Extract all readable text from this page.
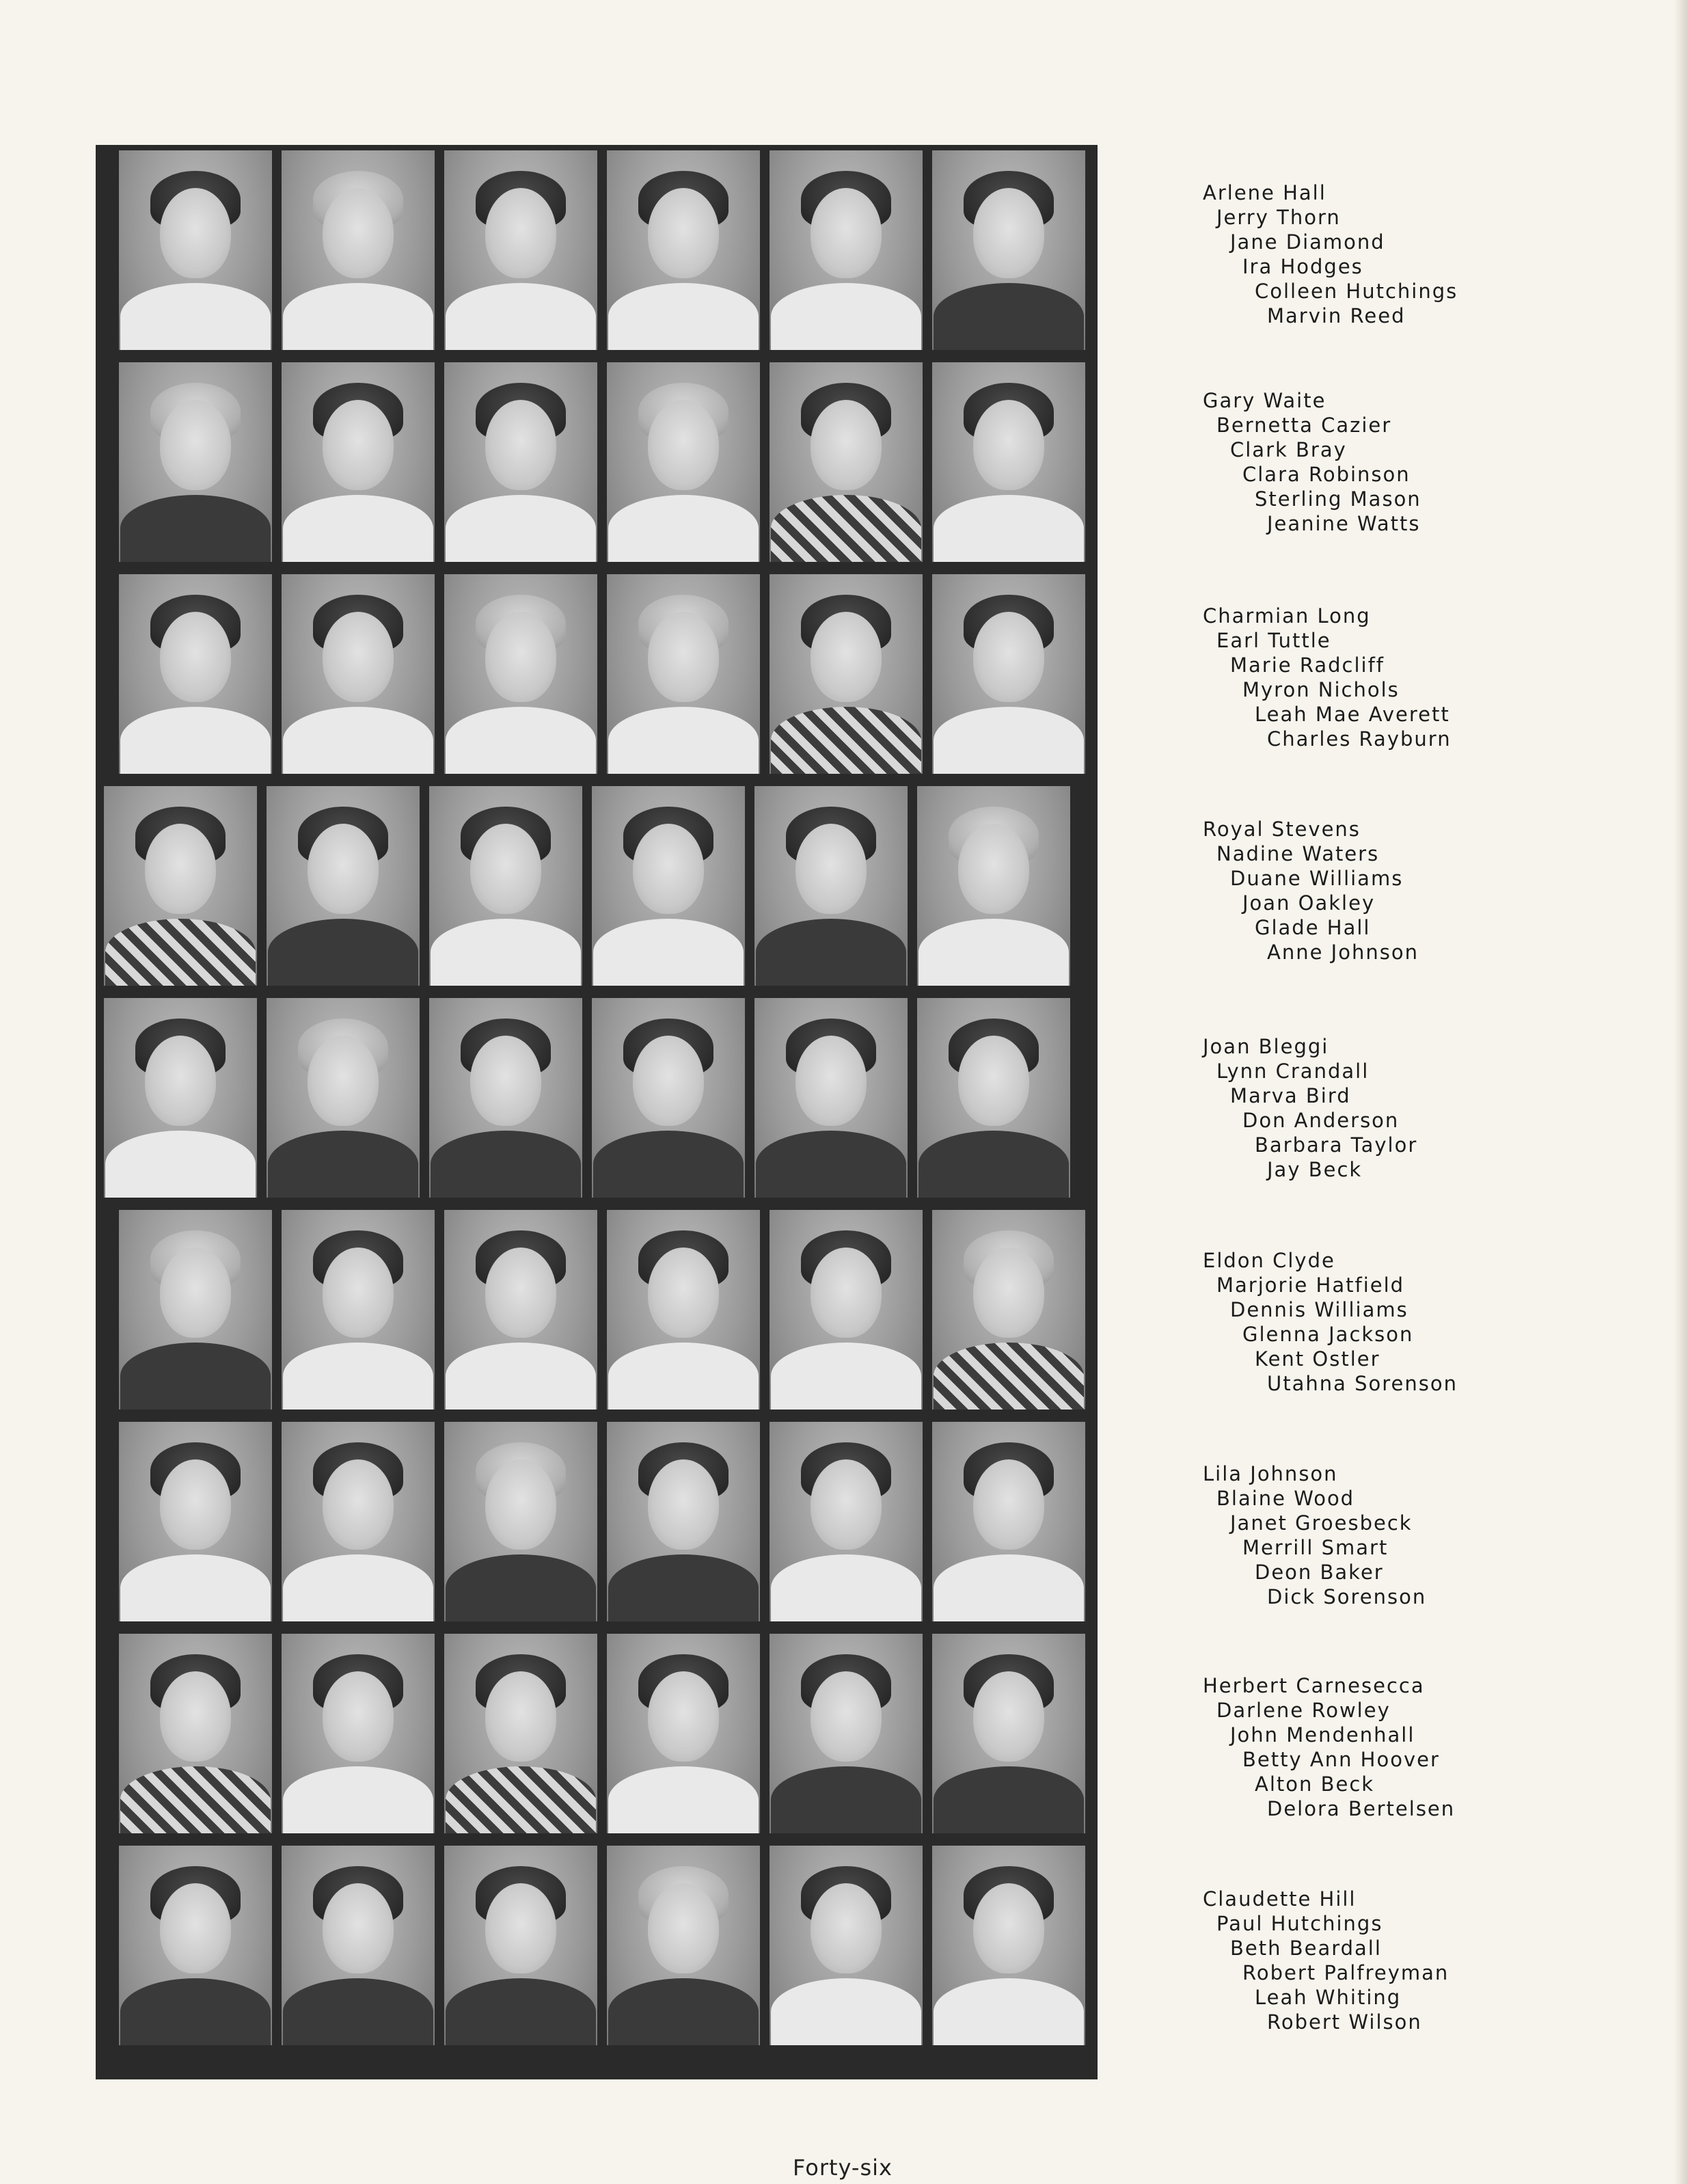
Arlene Hall
Jerry Thorn
Jane Diamond
Ira Hodges
Colleen Hutchings
Marvin Reed
Gary Waite
Bernetta Cazier
Clark Bray
Clara Robinson
Sterling Mason
Jeanine Watts
Charmian Long
Earl Tuttle
Marie Radcliff
Myron Nichols
Leah Mae Averett
Charles Rayburn
Royal Stevens
Nadine Waters
Duane Williams
Joan Oakley
Glade Hall
Anne Johnson
Joan Bleggi
Lynn Crandall
Marva Bird
Don Anderson
Barbara Taylor
Jay Beck
Eldon Clyde
Marjorie Hatfield
Dennis Williams
Glenna Jackson
Kent Ostler
Utahna Sorenson
Lila Johnson
Blaine Wood
Janet Groesbeck
Merrill Smart
Deon Baker
Dick Sorenson
Herbert Carnesecca
Darlene Rowley
John Mendenhall
Betty Ann Hoover
Alton Beck
Delora Bertelsen
Claudette Hill
Paul Hutchings
Beth Beardall
Robert Palfreyman
Leah Whiting
Robert Wilson
Forty-six
